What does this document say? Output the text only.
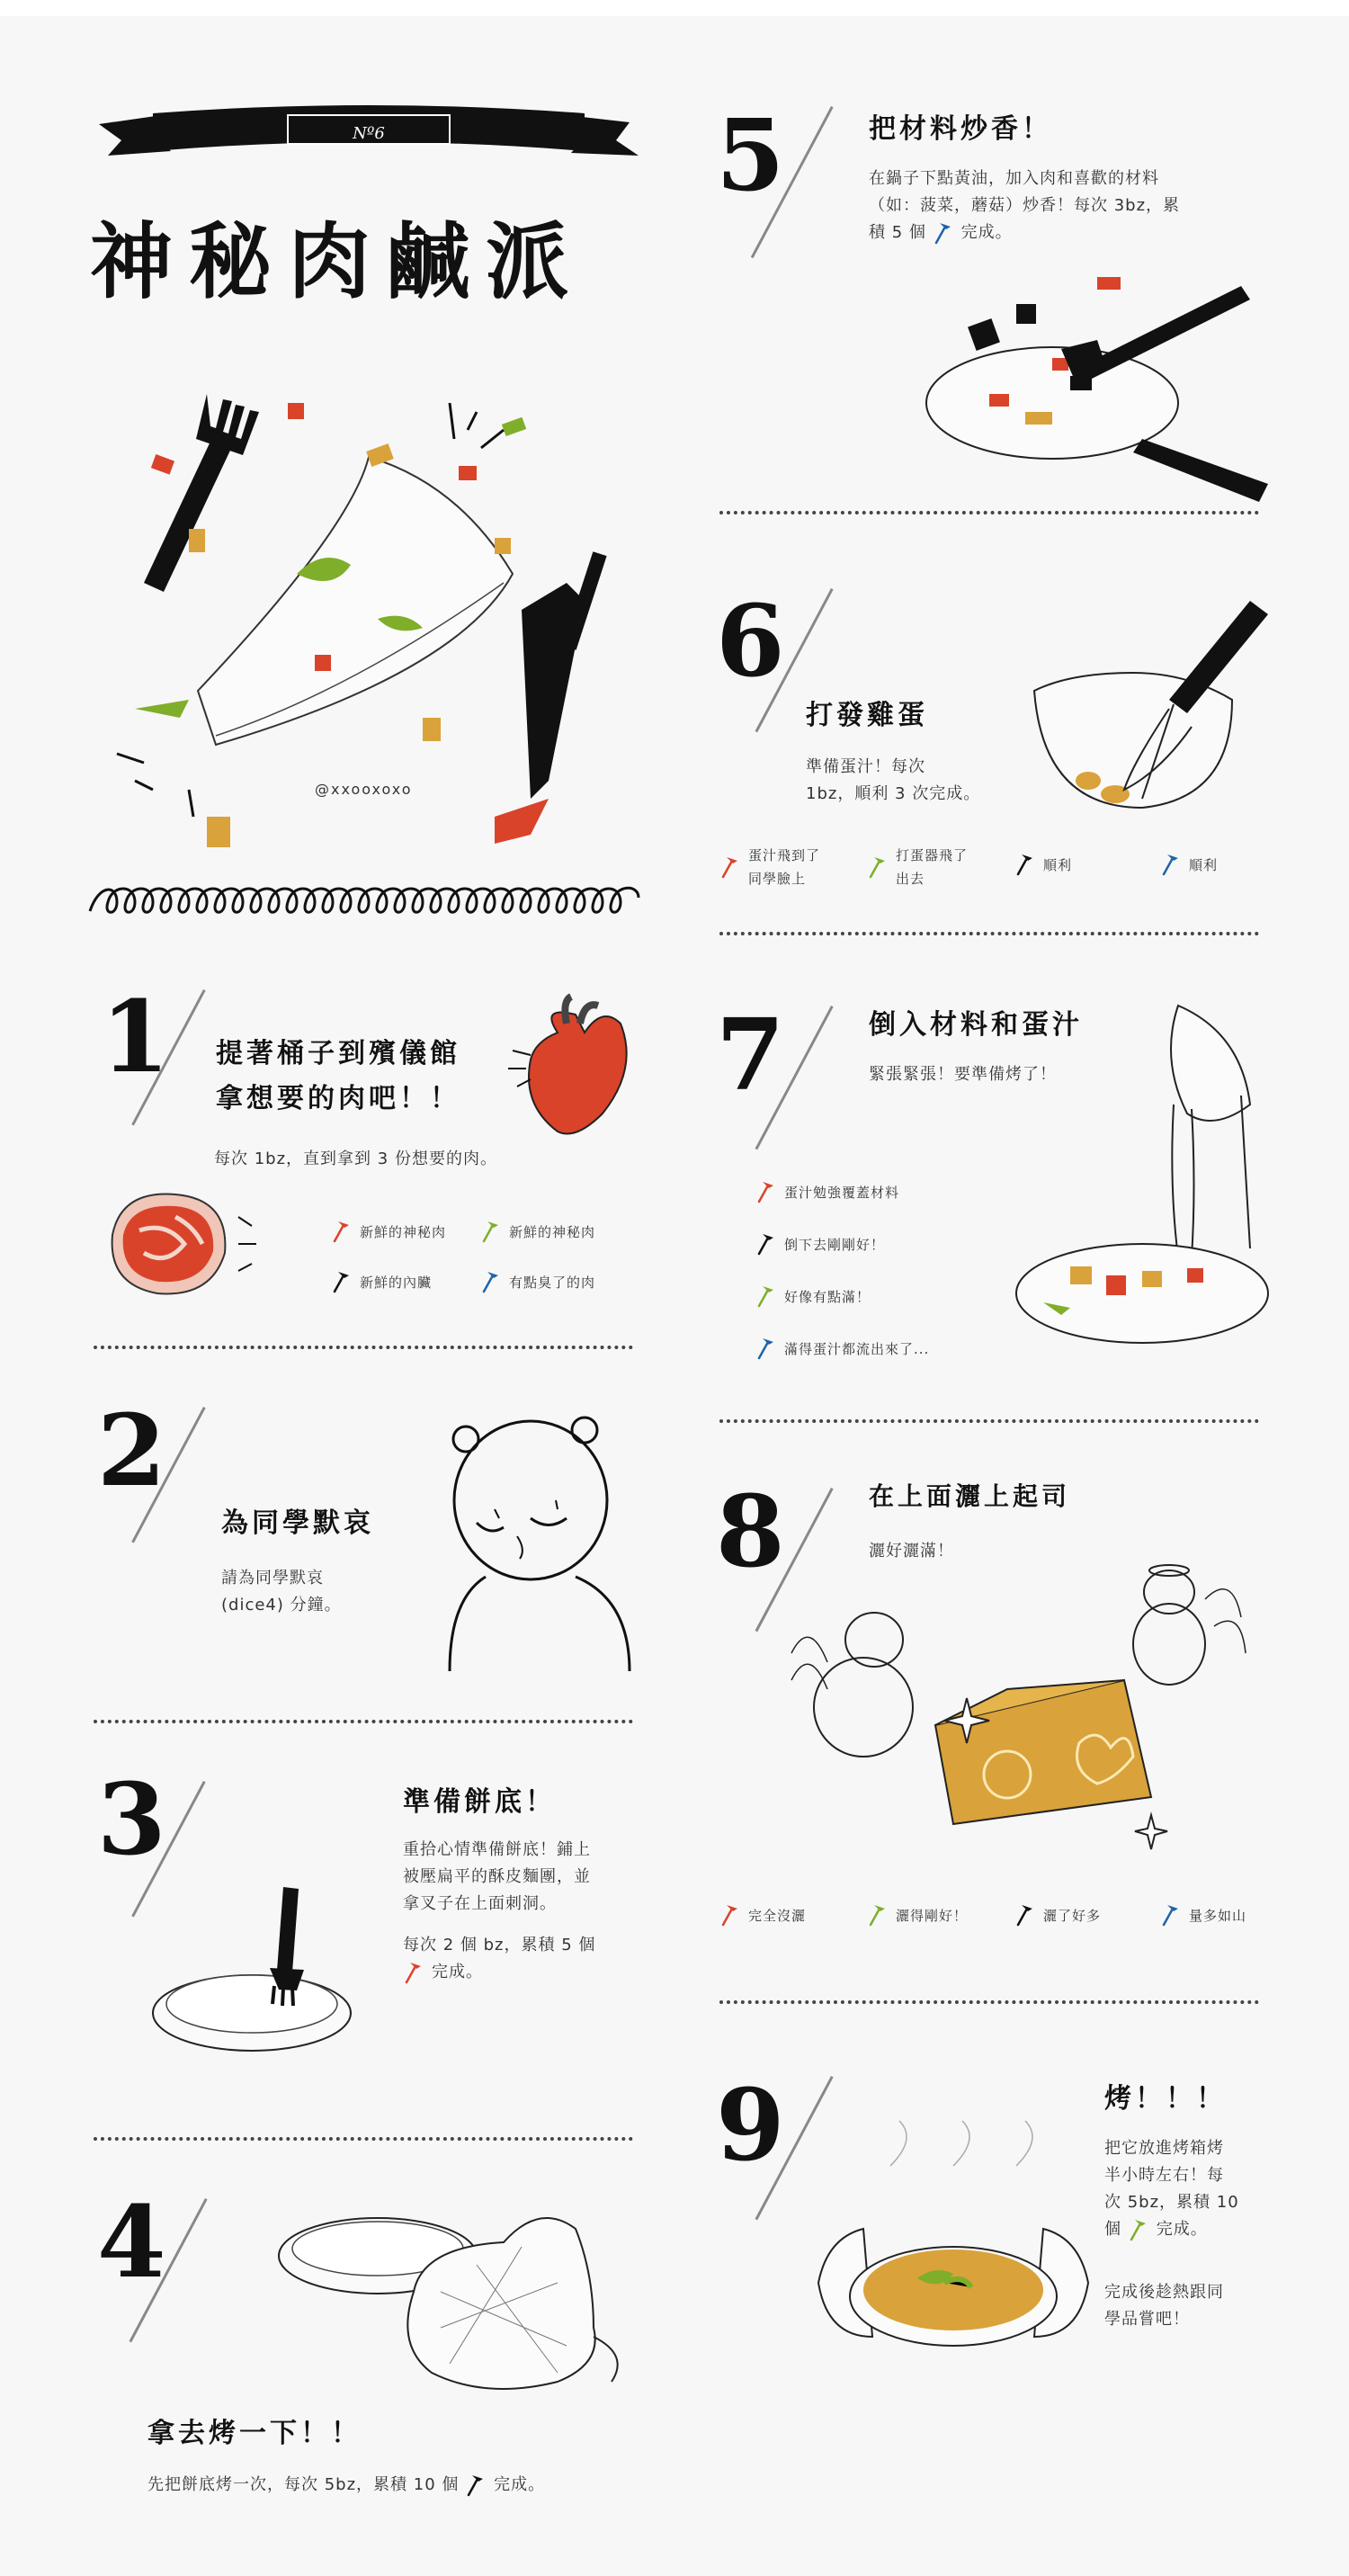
Nº6
神秘肉鹹派
@xxooxoxo
1 提著桶子到殯儀館
拿想要的肉吧！！
每次 1bz，直到拿到 3 份想要的肉。
新鮮的神秘肉	新鮮的神秘肉
新鮮的內臟	有點臭了的肉
2
為同學默哀
請為同學默哀
(dice4) 分鐘。
3	準備餅底！
重拾心情準備餅底！鋪上
被壓扁平的酥皮麵團，並
拿叉子在上面刺洞。
每次 2 個 bz，累積 5 個
完成。
4
拿去烤一下！！
先把餅底烤一次，每次 5bz，累積 10 個 完成。
5	把材料炒香！
在鍋子下點黃油，加入肉和喜歡的材料
（如：菠菜，蘑菇）炒香！每次 3bz，累
積 5 個 完成。
6
打發雞蛋
準備蛋汁！每次
1bz，順利 3 次完成。
蛋汁飛到了
同學臉上
打蛋器飛了
出去
順利	順利
7	倒入材料和蛋汁
緊張緊張！要準備烤了！
蛋汁勉強覆蓋材料
倒下去剛剛好！
好像有點滿！
滿得蛋汁都流出來了...
8	在上面灑上起司
灑好灑滿！
完全沒灑	灑得剛好！	灑了好多	量多如山
9	烤！！！
把它放進烤箱烤
半小時左右！每
次 5bz，累積 10
個 完成。
完成後趁熱跟同
學品嘗吧！
